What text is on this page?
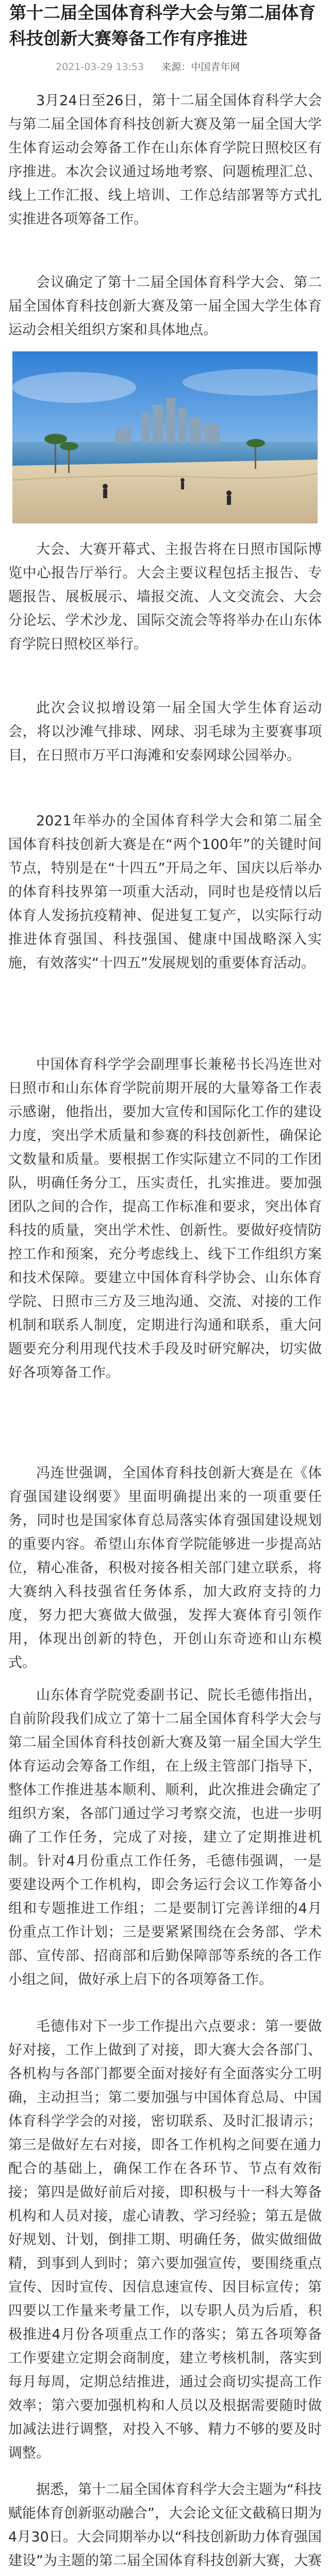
第十二届全国体育科学大会与第二届体育科技创新大赛筹备工作有序推进
2021-03-29 13:53 来源：中国青年网

3月24日至26日，第十二届全国体育科学大会与第二届全国体育科技创新大赛及第一届全国大学生体育运动会筹备工作在山东体育学院日照校区有序推进。本次会议通过场地考察、问题梳理汇总、线上工作汇报、线上培训、工作总结部署等方式扎实推进各项筹备工作。

会议确定了第十二届全国体育科学大会、第二届全国体育科技创新大赛及第一届全国大学生体育运动会相关组织方案和具体地点。

大会、大赛开幕式、主报告将在日照市国际博览中心报告厅举行。大会主要议程包括主报告、专题报告、展板展示、墙报交流、人文交流会、大会分论坛、学术沙龙、国际交流会等将举办在山东体育学院日照校区举行。

此次会议拟增设第一届全国大学生体育运动会，将以沙滩气排球、网球、羽毛球为主要赛事项目，在日照市万平口海滩和安泰网球公园举办。

2021年举办的全国体育科学大会和第二届全国体育科技创新大赛是在“两个100年”的关键时间节点，特别是在“十四五”开局之年、国庆以后举办的体育科技界第一项重大活动，同时也是疫情以后体育人发扬抗疫精神、促进复工复产，以实际行动推进体育强国、科技强国、健康中国战略深入实施，有效落实“十四五”发展规划的重要体育活动。

中国体育科学学会副理事长兼秘书长冯连世对日照市和山东体育学院前期开展的大量筹备工作表示感谢，他指出，要加大宣传和国际化工作的建设力度，突出学术质量和参赛的科技创新性，确保论文数量和质量。要根据工作实际建立不同的工作团队，明确任务分工，压实责任，扎实推进。要加强团队之间的合作，提高工作标准和要求，突出体育科技的质量，突出学术性、创新性。要做好疫情防控工作和预案，充分考虑线上、线下工作组织方案和技术保障。要建立中国体育科学协会、山东体育学院、日照市三方及三地沟通、交流、对接的工作机制和联系人制度，定期进行沟通和联系，重大问题要充分利用现代技术手段及时研究解决，切实做好各项筹备工作。

冯连世强调，全国体育科技创新大赛是在《体育强国建设纲要》里面明确提出来的一项重要任务，同时也是国家体育总局落实体育强国建设规划的重要内容。希望山东体育学院能够进一步提高站位，精心准备，积极对接各相关部门建立联系，将大赛纳入科技强省任务体系，加大政府支持的力度，努力把大赛做大做强，发挥大赛体育引领作用，体现出创新的特色，开创山东奇迹和山东模式。

山东体育学院党委副书记、院长毛德伟指出，自前阶段我们成立了第十二届全国体育科学大会与第二届全国体育科技创新大赛及第一届全国大学生体育运动会筹备工作组，在上级主管部门指导下，整体工作推进基本顺利、顺利，此次推进会确定了组织方案，各部门通过学习考察交流，也进一步明确了工作任务，完成了对接，建立了定期推进机制。针对4月份重点工作任务，毛德伟强调，一是要建设两个工作机构，即会务运行会议工作筹备小组和专题推进工作组；二是要制订完善详细的4月份重点工作计划；三是要紧紧围绕在会务部、学术部、宣传部、招商部和后勤保障部等系统的各工作小组之间，做好承上启下的各项筹备工作。

毛德伟对下一步工作提出六点要求：第一要做好对接，工作上做到了对接，即大赛大会各部门、各机构与各部门都要全面对接好有全面落实分工明确，主动担当；第二要加强与中国体育总局、中国体育科学学会的对接，密切联系、及时汇报请示；第三是做好左右对接，即各工作机构之间要在通力配合的基础上，确保工作在各环节、节点有效衔接；第四是做好前后对接，即积极与十一科大筹备机构和人员对接，虚心请教、学习经验；第五是做好规划、计划，倒排工期、明确任务，做实做细做精，到事到人到时；第六要加强宣传，要围绕重点宣传、因时宣传、因信息速宣传、因目标宣传；第四要以工作量来考量工作，以专职人员为后盾，积极推进4月份各项重点工作的落实；第五各项筹备工作要建立定期会商制度，建立考核机制，落实到每月每周，定期总结推进，通过会商切实提高工作效率；第六要加强机构和人员以及根据需要随时做加减法进行调整，对投入不够、精力不够的要及时调整。

据悉，第十二届全国体育科学大会主题为“科技赋能体育创新驱动融合”，大会论文征文截稿日期为4月30日。大会同期举办以“科技创新助力体育强国建设”为主题的第二届全国体育科技创新大赛，大赛
